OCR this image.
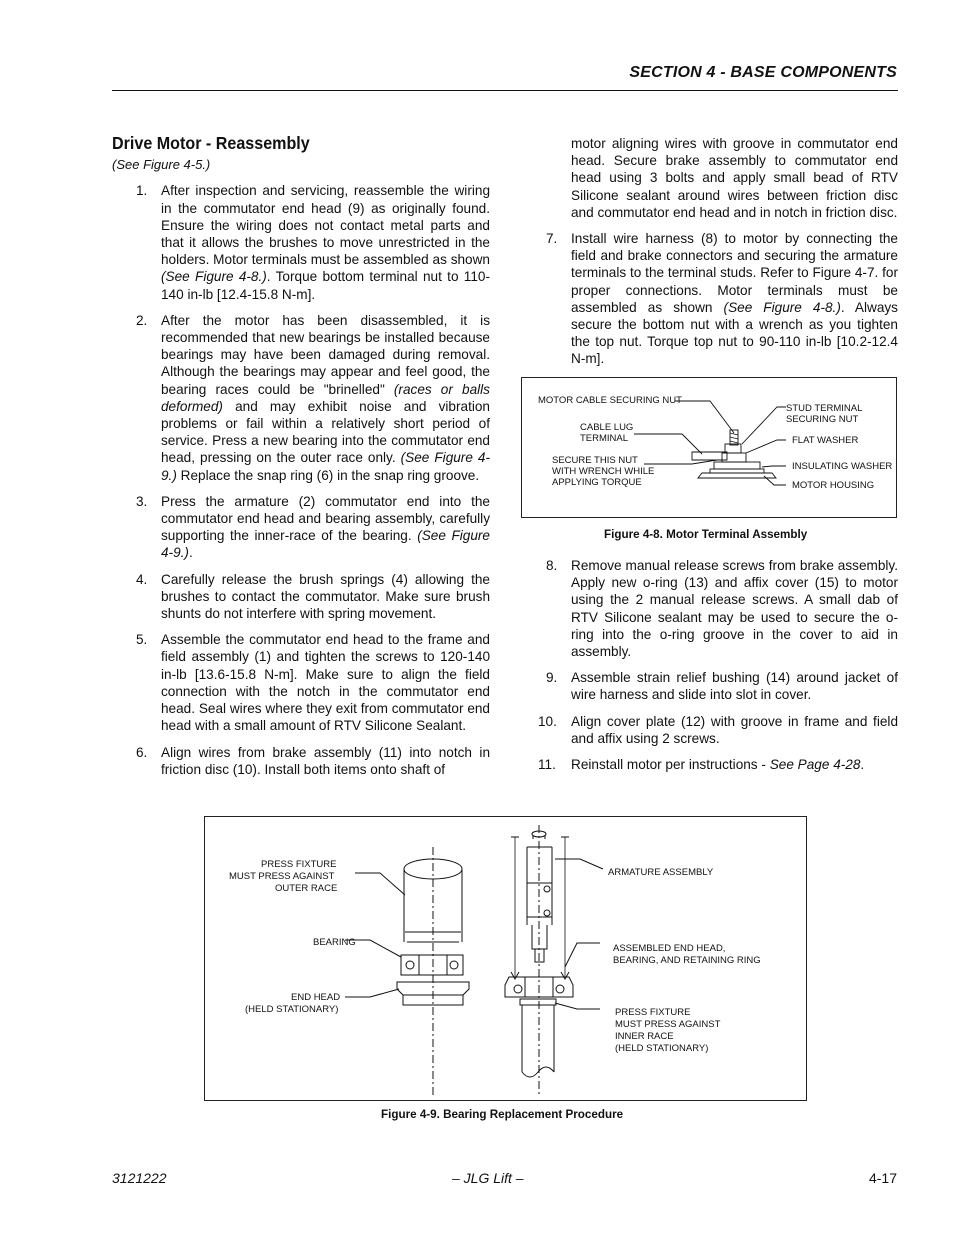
SECTION 4 - BASE COMPONENTS
Drive Motor - Reassembly
(See Figure 4-5.)
1. After inspection and servicing, reassemble the wiring in the commutator end head (9) as originally found. Ensure the wiring does not contact metal parts and that it allows the brushes to move unrestricted in the holders. Motor terminals must be assembled as shown (See Figure 4-8.). Torque bottom terminal nut to 110-140 in-lb [12.4-15.8 N-m].
2. After the motor has been disassembled, it is recommended that new bearings be installed because bearings may have been damaged during removal. Although the bearings may appear and feel good, the bearing races could be "brinelled" (races or balls deformed) and may exhibit noise and vibration problems or fail within a relatively short period of service. Press a new bearing into the commutator end head, pressing on the outer race only. (See Figure 4-9.) Replace the snap ring (6) in the snap ring groove.
3. Press the armature (2) commutator end into the commutator end head and bearing assembly, carefully supporting the inner-race of the bearing. (See Figure 4-9.).
4. Carefully release the brush springs (4) allowing the brushes to contact the commutator. Make sure brush shunts do not interfere with spring movement.
5. Assemble the commutator end head to the frame and field assembly (1) and tighten the screws to 120-140 in-lb [13.6-15.8 N-m]. Make sure to align the field connection with the notch in the commutator end head. Seal wires where they exit from commutator end head with a small amount of RTV Silicone Sealant.
6. Align wires from brake assembly (11) into notch in friction disc (10). Install both items onto shaft of
motor aligning wires with groove in commutator end head. Secure brake assembly to commutator end head using 3 bolts and apply small bead of RTV Silicone sealant around wires between friction disc and commutator end head and in notch in friction disc.
7. Install wire harness (8) to motor by connecting the field and brake connectors and securing the armature terminals to the terminal studs. Refer to Figure 4-7. for proper connections. Motor terminals must be assembled as shown (See Figure 4-8.). Always secure the bottom nut with a wrench as you tighten the top nut. Torque top nut to 90-110 in-lb [10.2-12.4 N-m].
MOTOR CABLE SECURING NUT
CABLE LUG
TERMINAL
SECURE THIS NUT
WITH WRENCH WHILE
APPLYING TORQUE
STUD TERMINAL
SECURING NUT
FLAT WASHER
INSULATING WASHER
MOTOR HOUSING
Figure 4-8. Motor Terminal Assembly
8. Remove manual release screws from brake assembly. Apply new o-ring (13) and affix cover (15) to motor using the 2 manual release screws. A small dab of RTV Silicone sealant may be used to secure the o-ring into the o-ring groove in the cover to aid in assembly.
9. Assemble strain relief bushing (14) around jacket of wire harness and slide into slot in cover.
10. Align cover plate (12) with groove in frame and field and affix using 2 screws.
11. Reinstall motor per instructions - See Page 4-28.
PRESS FIXTURE
MUST PRESS AGAINST
OUTER RACE
BEARING
END HEAD
(HELD STATIONARY)
ARMATURE ASSEMBLY
ASSEMBLED END HEAD,
BEARING, AND RETAINING RING
PRESS FIXTURE
MUST PRESS AGAINST
INNER RACE
(HELD STATIONARY)
Figure 4-9. Bearing Replacement Procedure
3121222	– JLG Lift –	4-17
